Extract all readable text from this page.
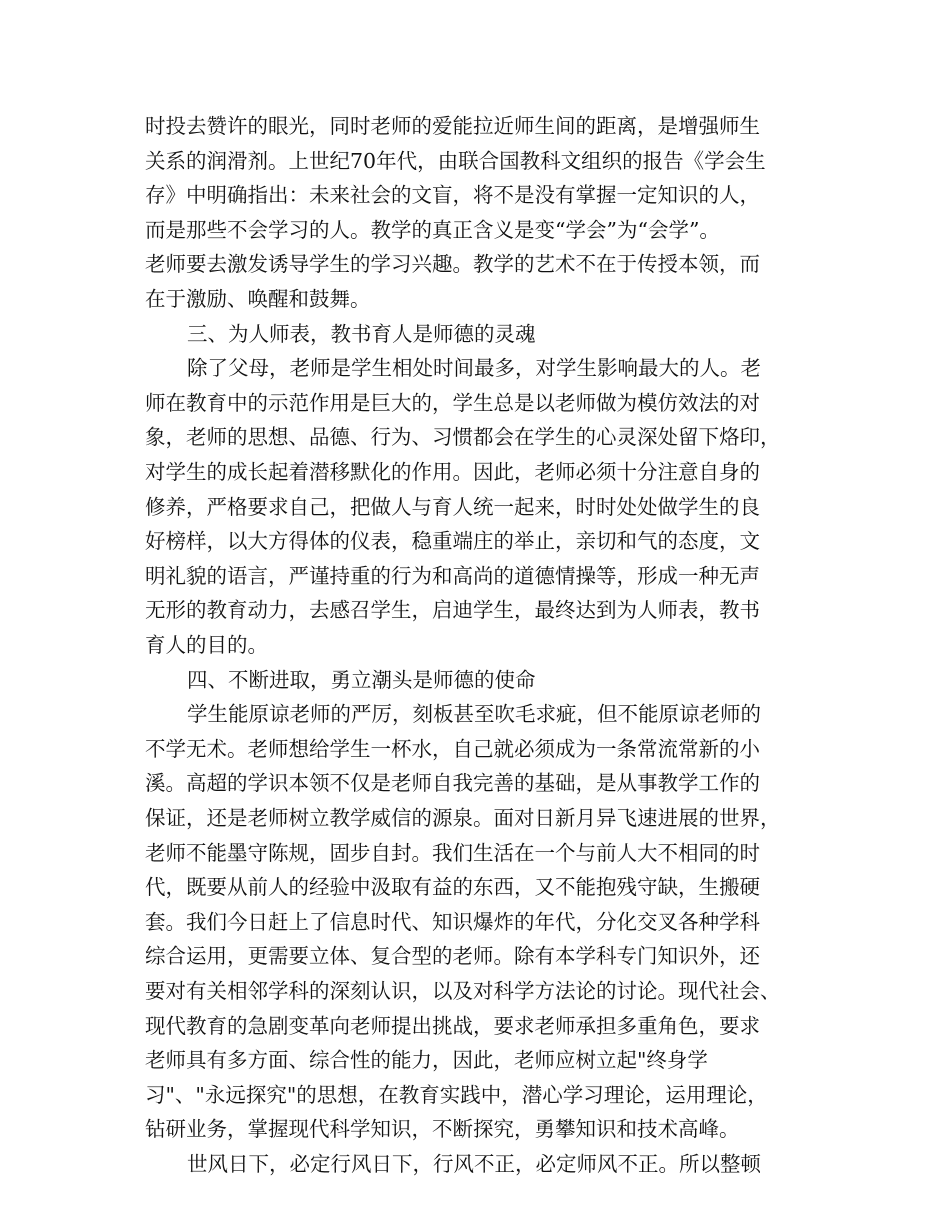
时投去赞许的眼光，同时老师的爱能拉近师生间的距离，是增强师生
关系的润滑剂。上世纪70年代，由联合国教科文组织的报告《学会生
存》中明确指出：未来社会的文盲，将不是没有掌握一定知识的人，
而是那些不会学习的人。教学的真正含义是变“学会”为“会学”。
老师要去激发诱导学生的学习兴趣。教学的艺术不在于传授本领，而
在于激励、唤醒和鼓舞。
三、为人师表，教书育人是师德的灵魂
除了父母，老师是学生相处时间最多，对学生影响最大的人。老
师在教育中的示范作用是巨大的，学生总是以老师做为模仿效法的对
象，老师的思想、品德、行为、习惯都会在学生的心灵深处留下烙印，
对学生的成长起着潜移默化的作用。因此，老师必须十分注意自身的
修养，严格要求自己，把做人与育人统一起来，时时处处做学生的良
好榜样，以大方得体的仪表，稳重端庄的举止，亲切和气的态度，文
明礼貌的语言，严谨持重的行为和高尚的道德情操等，形成一种无声
无形的教育动力，去感召学生，启迪学生，最终达到为人师表，教书
育人的目的。
四、不断进取，勇立潮头是师德的使命
学生能原谅老师的严厉，刻板甚至吹毛求疵，但不能原谅老师的
不学无术。老师想给学生一杯水，自己就必须成为一条常流常新的小
溪。高超的学识本领不仅是老师自我完善的基础，是从事教学工作的
保证，还是老师树立教学威信的源泉。面对日新月异飞速进展的世界，
老师不能墨守陈规，固步自封。我们生活在一个与前人大不相同的时
代，既要从前人的经验中汲取有益的东西，又不能抱残守缺，生搬硬
套。我们今日赶上了信息时代、知识爆炸的年代，分化交叉各种学科
综合运用，更需要立体、复合型的老师。除有本学科专门知识外，还
要对有关相邻学科的深刻认识，以及对科学方法论的讨论。现代社会、
现代教育的急剧变革向老师提出挑战，要求老师承担多重角色，要求
老师具有多方面、综合性的能力，因此，老师应树立起"终身学
习"、"永远探究"的思想，在教育实践中，潜心学习理论，运用理论，
钻研业务，掌握现代科学知识，不断探究，勇攀知识和技术高峰。
世风日下，必定行风日下，行风不正，必定师风不正。所以整顿
